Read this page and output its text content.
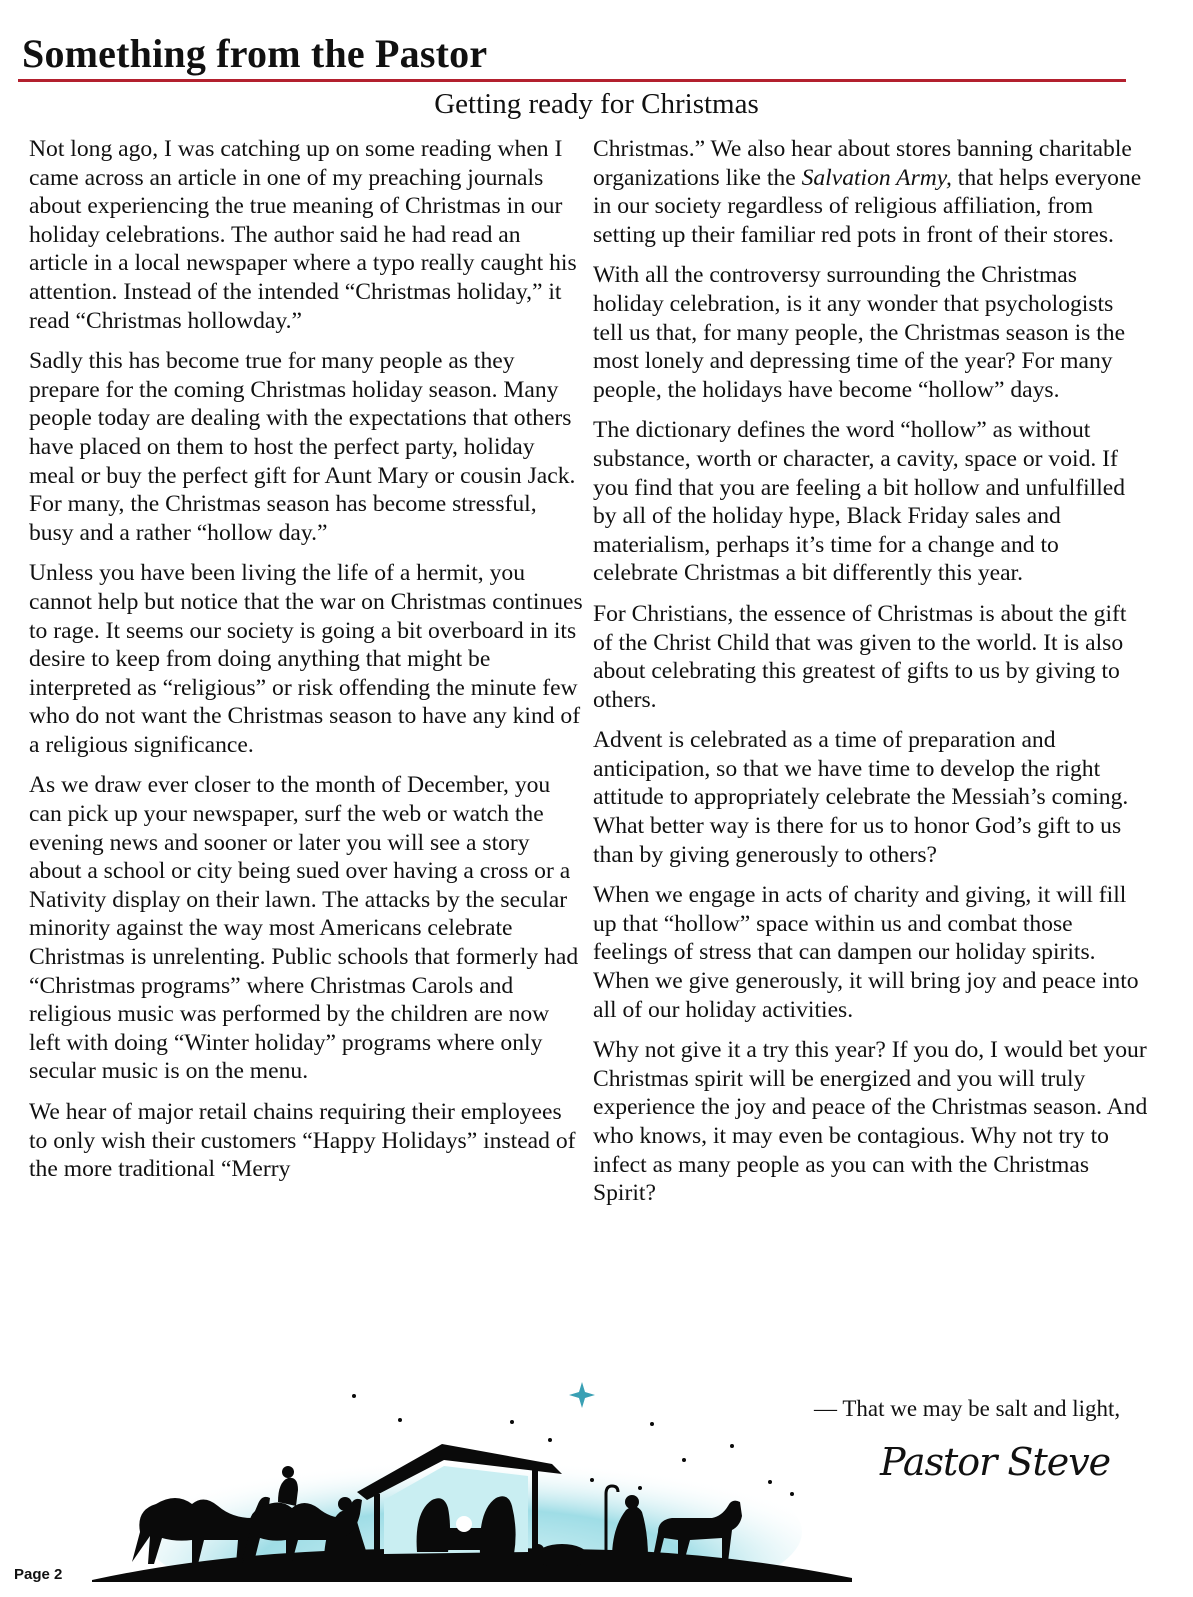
Something from the Pastor
Getting ready for Christmas

Not long ago, I was catching up on some reading when I came across an article in one of my preaching journals about experiencing the true meaning of Christmas in our holiday celebrations. The author said he had read an article in a local newspaper where a typo really caught his attention. Instead of the intended “Christmas holiday,” it read “Christmas hollowday.”

Sadly this has become true for many people as they prepare for the coming Christmas holiday season. Many people today are dealing with the expectations that others have placed on them to host the perfect party, holiday meal or buy the perfect gift for Aunt Mary or cousin Jack. For many, the Christmas season has become stressful, busy and a rather “hollow day.”

Unless you have been living the life of a hermit, you cannot help but notice that the war on Christmas continues to rage. It seems our society is going a bit overboard in its desire to keep from doing anything that might be interpreted as “religious” or risk offending the minute few who do not want the Christmas season to have any kind of a religious significance.

As we draw ever closer to the month of December, you can pick up your newspaper, surf the web or watch the evening news and sooner or later you will see a story about a school or city being sued over having a cross or a Nativity display on their lawn. The attacks by the secular minority against the way most Americans celebrate Christmas is unrelenting. Public schools that formerly had “Christmas programs” where Christmas Carols and religious music was performed by the children are now left with doing “Winter holiday” programs where only secular music is on the menu.

We hear of major retail chains requiring their employees to only wish their customers “Happy Holidays” instead of the more traditional “Merry

Christmas.” We also hear about stores banning charitable organizations like the Salvation Army, that helps everyone in our society regardless of religious affiliation, from setting up their familiar red pots in front of their stores.

With all the controversy surrounding the Christmas holiday celebration, is it any wonder that psychologists tell us that, for many people, the Christmas season is the most lonely and depressing time of the year? For many people, the holidays have become “hollow” days.

The dictionary defines the word “hollow” as without substance, worth or character, a cavity, space or void. If you find that you are feeling a bit hollow and unfulfilled by all of the holiday hype, Black Friday sales and materialism, perhaps it’s time for a change and to celebrate Christmas a bit differently this year.

For Christians, the essence of Christmas is about the gift of the Christ Child that was given to the world. It is also about celebrating this greatest of gifts to us by giving to others.

Advent is celebrated as a time of preparation and anticipation, so that we have time to develop the right attitude to appropriately celebrate the Messiah’s coming. What better way is there for us to honor God’s gift to us than by giving generously to others?

When we engage in acts of charity and giving, it will fill up that “hollow” space within us and combat those feelings of stress that can dampen our holiday spirits. When we give generously, it will bring joy and peace into all of our holiday activities.

Why not give it a try this year? If you do, I would bet your Christmas spirit will be energized and you will truly experience the joy and peace of the Christmas season. And who knows, it may even be contagious. Why not try to infect as many people as you can with the Christmas Spirit?

— That we may be salt and light,
Pastor Steve
Page 2
